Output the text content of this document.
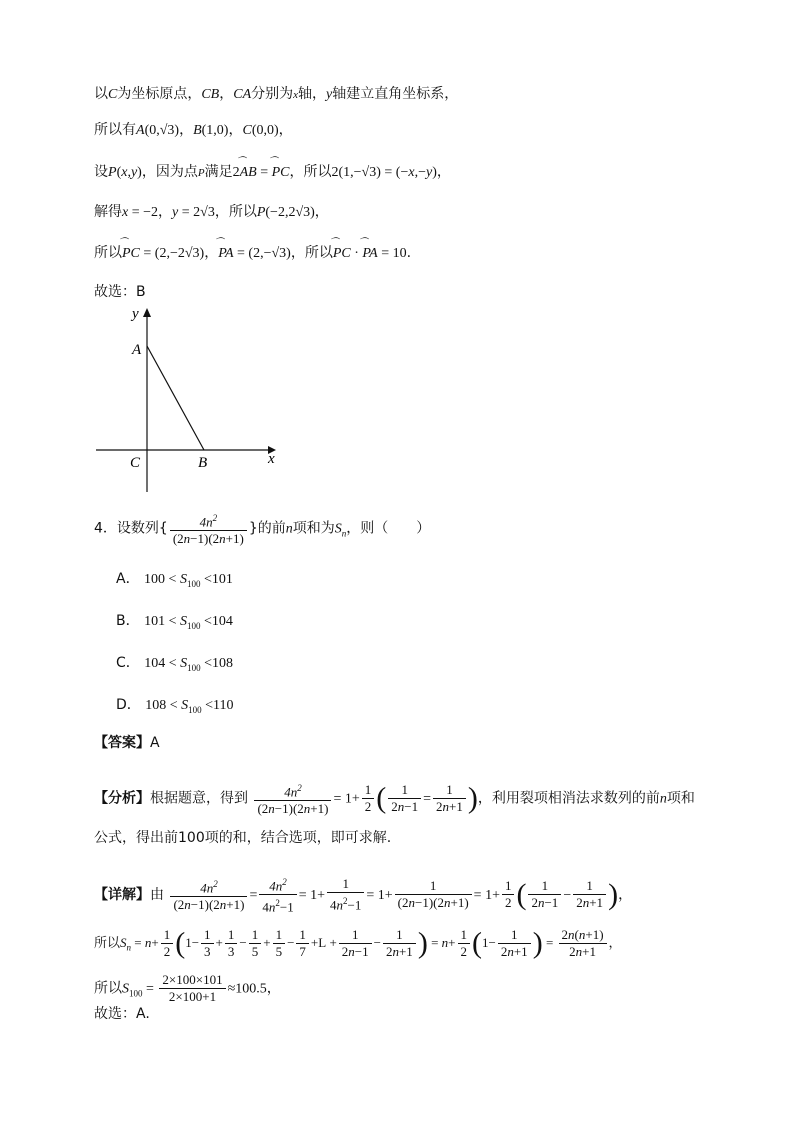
以C为坐标原点，CB，CA分别为x轴，y轴建立直角坐标系，
所以有A(0,√3)，B(1,0)，C(0,0)，
设P(x,y)，因为点P满足2⏝ AB = ⏝ PC，所以2(1,−√3) = (−x,−y)，
解得x = −2，y = 2√3，所以P(−2,2√3)，
所以⏝ PC = (2,−2√3)，⏝ PA = (2,−√3)，所以⏝ PC · ⏝ PA = 10.
故选：B
y
A
C	B	x
4．设数列{ $\frac{4n^2}{(2n-1)(2n+1)}$ }的前n项和为$S_n$，则（　　）
A． $100 < S_{100} <101$
B． $101 < S_{100} <104$
C． $104 < S_{100} <108$
D． $108 < S_{100} <110$
【答案】A
【分析】根据题意，得到 $\frac{4n^2}{(2n-1)(2n+1)} = 1+ \frac{1}{2}$ ( $\frac{1}{2n-1} = \frac{1}{2n+1}$ )，利用裂项相消法求数列的前n项和
公式，得出前100项的和，结合选项，即可求解.
【详解】由 $\frac{4n^2}{(2n-1)(2n+1)} = \frac{4n^2}{4n^2-1} = 1+ \frac{1}{4n^2-1} = 1+ \frac{1}{(2n-1)(2n+1)} = 1+ \frac{1}{2}$ ( $\frac{1}{2n-1} - \frac{1}{2n+1}$ )，
所以$S_n = n+ \frac{1}{2} (1- \frac{1}{3} + \frac{1}{3} - \frac{1}{5} + \frac{1}{5} - \frac{1}{7} +L + \frac{1}{2n-1} - \frac{1}{2n+1}$ ) = $n+ \frac{1}{2} (1- \frac{1}{2n+1}$ ) = $\frac{2n(n+1)}{2n+1}$ ，
所以$S_{100} = \frac{2\times 100\times 101}{2\times 100+1} \approx 100.5$，
故选：A.
